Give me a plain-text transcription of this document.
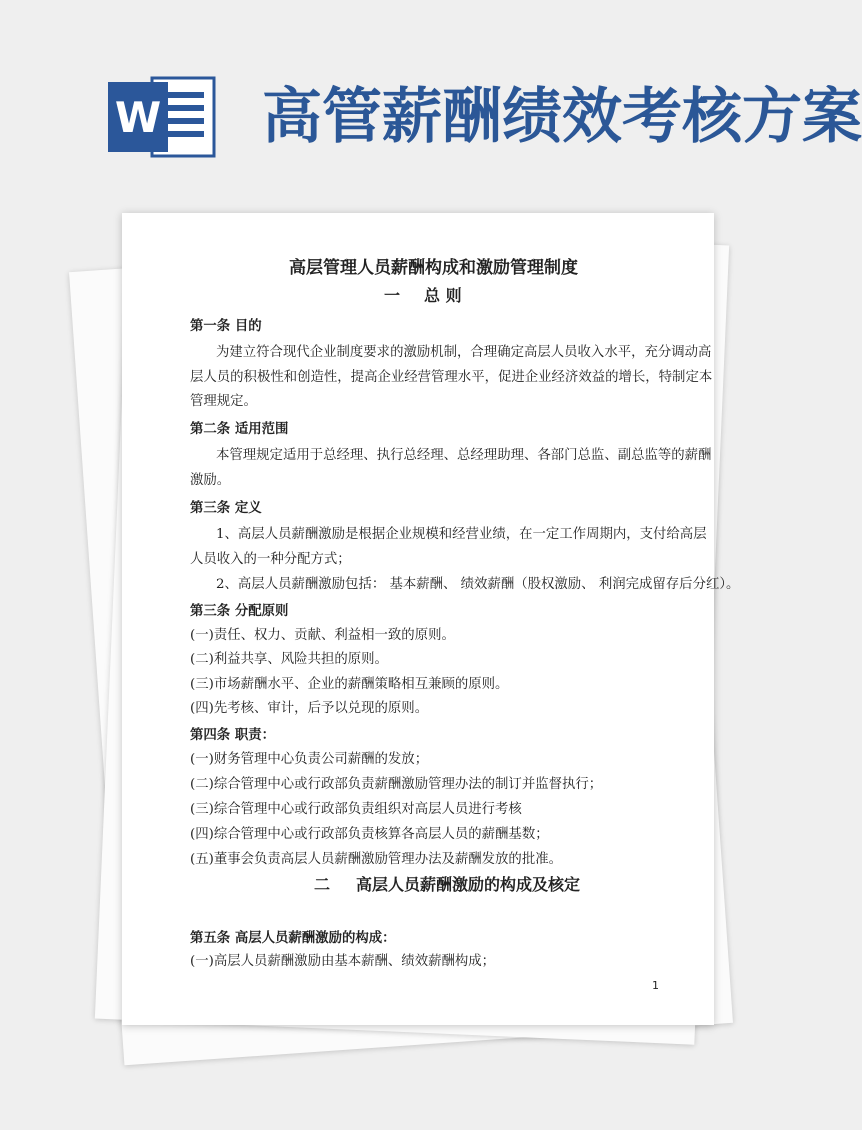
W 高管薪酬绩效考核方案
高层管理人员薪酬构成和激励管理制度
一 总 则
第一条 目的
为建立符合现代企业制度要求的激励机制，合理确定高层人员收入水平，充分调动高
层人员的积极性和创造性，提高企业经营管理水平，促进企业经济效益的增长，特制定本
管理规定。
第二条 适用范围
本管理规定适用于总经理、执行总经理、总经理助理、各部门总监、副总监等的薪酬
激励。
第三条 定义
1、高层人员薪酬激励是根据企业规模和经营业绩，在一定工作周期内，支付给高层
人员收入的一种分配方式；
2、高层人员薪酬激励包括： 基本薪酬、 绩效薪酬（股权激励、 利润完成留存后分红）。
第三条 分配原则
(一)责任、权力、贡献、利益相一致的原则。
(二)利益共享、风险共担的原则。
(三)市场薪酬水平、企业的薪酬策略相互兼顾的原则。
(四)先考核、审计，后予以兑现的原则。
第四条 职责：
(一)财务管理中心负责公司薪酬的发放；
(二)综合管理中心或行政部负责薪酬激励管理办法的制订并监督执行；
(三)综合管理中心或行政部负责组织对高层人员进行考核
(四)综合管理中心或行政部负责核算各高层人员的薪酬基数；
(五)董事会负责高层人员薪酬激励管理办法及薪酬发放的批准。
二 高层人员薪酬激励的构成及核定
第五条 高层人员薪酬激励的构成：
(一)高层人员薪酬激励由基本薪酬、绩效薪酬构成；
1
